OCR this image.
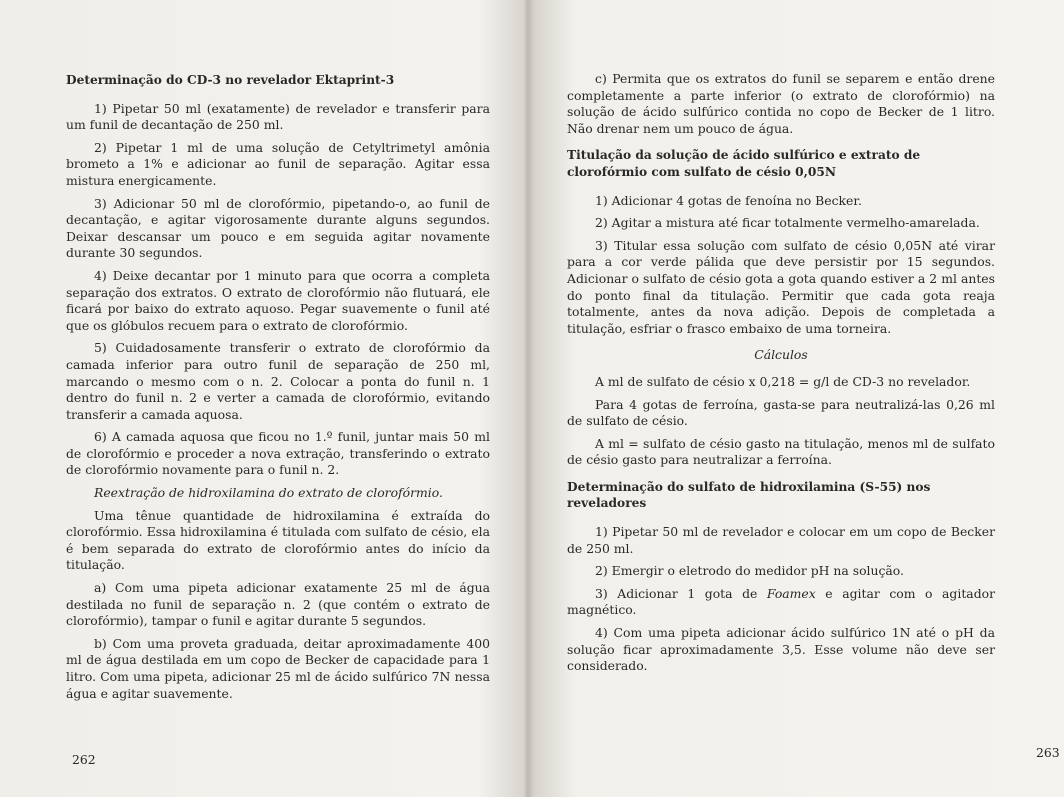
Determinação do CD-3 no revelador Ektaprint-3

1) Pipetar 50 ml (exatamente) de revelador e transferir para um funil de decantação de 250 ml.

2) Pipetar 1 ml de uma solução de Cetyltrimetyl amônia brometo a 1% e adicionar ao funil de separação. Agitar essa mistura energicamente.

3) Adicionar 50 ml de clorofórmio, pipetando-o, ao funil de decantação, e agitar vigorosamente durante alguns segundos. Deixar descansar um pouco e em seguida agitar novamente durante 30 segundos.

4) Deixe decantar por 1 minuto para que ocorra a completa separação dos extratos. O extrato de clorofórmio não flutuará, ele ficará por baixo do extrato aquoso. Pegar suavemente o funil até que os glóbulos recuem para o extrato de clorofórmio.

5) Cuidadosamente transferir o extrato de clorofórmio da camada inferior para outro funil de separação de 250 ml, marcando o mesmo com o n. 2. Colocar a ponta do funil n. 1 dentro do funil n. 2 e verter a camada de clorofórmio, evitando transferir a camada aquosa.

6) A camada aquosa que ficou no 1.º funil, juntar mais 50 ml de clorofórmio e proceder a nova extração, transferindo o extrato de clorofórmio novamente para o funil n. 2.

Reextração de hidroxilamina do extrato de clorofórmio.

Uma tênue quantidade de hidroxilamina é extraída do clorofórmio. Essa hidroxilamina é titulada com sulfato de césio, ela é bem separada do extrato de clorofórmio antes do início da titulação.

a) Com uma pipeta adicionar exatamente 25 ml de água destilada no funil de separação n. 2 (que contém o extrato de clorofórmio), tampar o funil e agitar durante 5 segundos.

b) Com uma proveta graduada, deitar aproximadamente 400 ml de água destilada em um copo de Becker de capacidade para 1 litro. Com uma pipeta, adicionar 25 ml de ácido sulfúrico 7N nessa água e agitar suavemente.

262

c) Permita que os extratos do funil se separem e então drene completamente a parte inferior (o extrato de clorofórmio) na solução de ácido sulfúrico contida no copo de Becker de 1 litro. Não drenar nem um pouco de água.

Titulação da solução de ácido sulfúrico e extrato de clorofórmio com sulfato de césio 0,05N

1) Adicionar 4 gotas de fenoína no Becker.

2) Agitar a mistura até ficar totalmente vermelho-amarelada.

3) Titular essa solução com sulfato de césio 0,05N até virar para a cor verde pálida que deve persistir por 15 segundos. Adicionar o sulfato de césio gota a gota quando estiver a 2 ml antes do ponto final da titulação. Permitir que cada gota reaja totalmente, antes da nova adição. Depois de completada a titulação, esfriar o frasco embaixo de uma torneira.

Cálculos

A ml de sulfato de césio x 0,218 = g/l de CD-3 no revelador.

Para 4 gotas de ferroína, gasta-se para neutralizá-las 0,26 ml de sulfato de césio.

A ml = sulfato de césio gasto na titulação, menos ml de sulfato de césio gasto para neutralizar a ferroína.

Determinação do sulfato de hidroxilamina (S-55) nos reveladores

1) Pipetar 50 ml de revelador e colocar em um copo de Becker de 250 ml.

2) Emergir o eletrodo do medidor pH na solução.

3) Adicionar 1 gota de Foamex e agitar com o agitador magnético.

4) Com uma pipeta adicionar ácido sulfúrico 1N até o pH da solução ficar aproximadamente 3,5. Esse volume não deve ser considerado.

263
